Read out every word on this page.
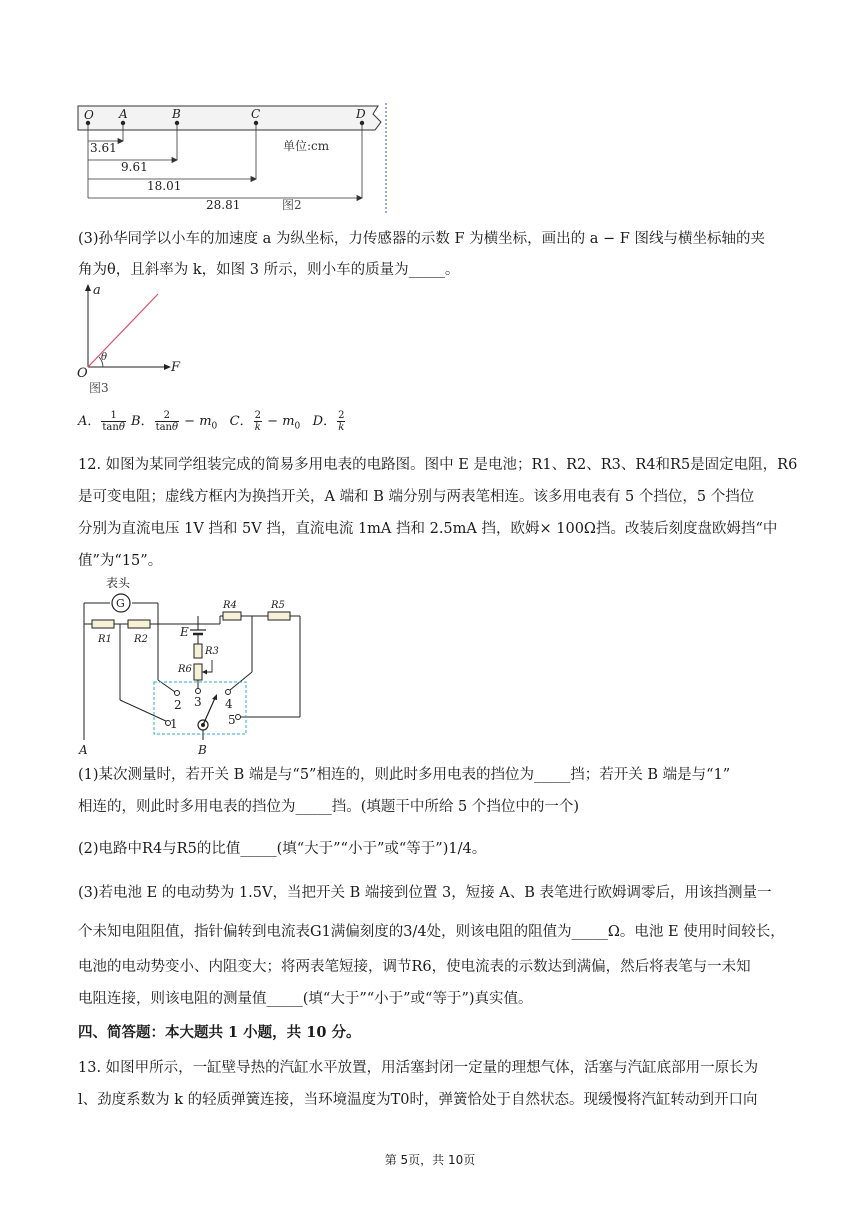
O A	B	C	D
3.61
9.61
18.01
28.81
单位:cm
图2
(3)孙华同学以小车的加速度 a 为纵坐标，力传感器的示数 F 为横坐标，画出的 a − F 图线与横坐标轴的夹
角为θ，且斜率为 k，如图 3 所示，则小车的质量为_____。
a
F
O
θ
图3
A． $\frac{1}{\tan\theta}$ B． $\frac{2}{\tan\theta} - m_0$ C． $\frac{2}{k} - m_0$ D． $\frac{2}{k}$
12. 如图为某同学组装完成的简易多用电表的电路图。图中 E 是电池；R1、R2、R3、R4和R5是固定电阻，R6
是可变电阻；虚线方框内为换挡开关，A 端和 B 端分别与两表笔相连。该多用电表有 5 个挡位，5 个挡位
分别为直流电压 1V 挡和 5V 挡，直流电流 1mA 挡和 2.5mA 挡，欧姆× 100Ω挡。改装后刻度盘欧姆挡“中
值”为“15”。
G
表头
R1 R2
R3
R4	R5
R6
E
1
2 3 4
5
A	B
(1)某次测量时，若开关 B 端是与“5”相连的，则此时多用电表的挡位为_____挡；若开关 B 端是与“1”
相连的，则此时多用电表的挡位为_____挡。(填题干中所给 5 个挡位中的一个)
(2)电路中R4与R5的比值_____(填“大于”“小于”或“等于”)1/4。
(3)若电池 E 的电动势为 1.5V，当把开关 B 端接到位置 3，短接 A、B 表笔进行欧姆调零后，用该挡测量一
个未知电阻阻值，指针偏转到电流表G1满偏刻度的3/4处，则该电阻的阻值为_____Ω。电池 E 使用时间较长，
电池的电动势变小、内阻变大；将两表笔短接，调节R6，使电流表的示数达到满偏，然后将表笔与一未知
电阻连接，则该电阻的测量值_____(填“大于”“小于”或“等于”)真实值。
四、简答题：本大题共 1 小题，共 10 分。
13. 如图甲所示，一缸壁导热的汽缸水平放置，用活塞封闭一定量的理想气体，活塞与汽缸底部用一原长为
l、劲度系数为 k 的轻质弹簧连接，当环境温度为T0时，弹簧恰处于自然状态。现缓慢将汽缸转动到开口向
第 5页，共 10页
